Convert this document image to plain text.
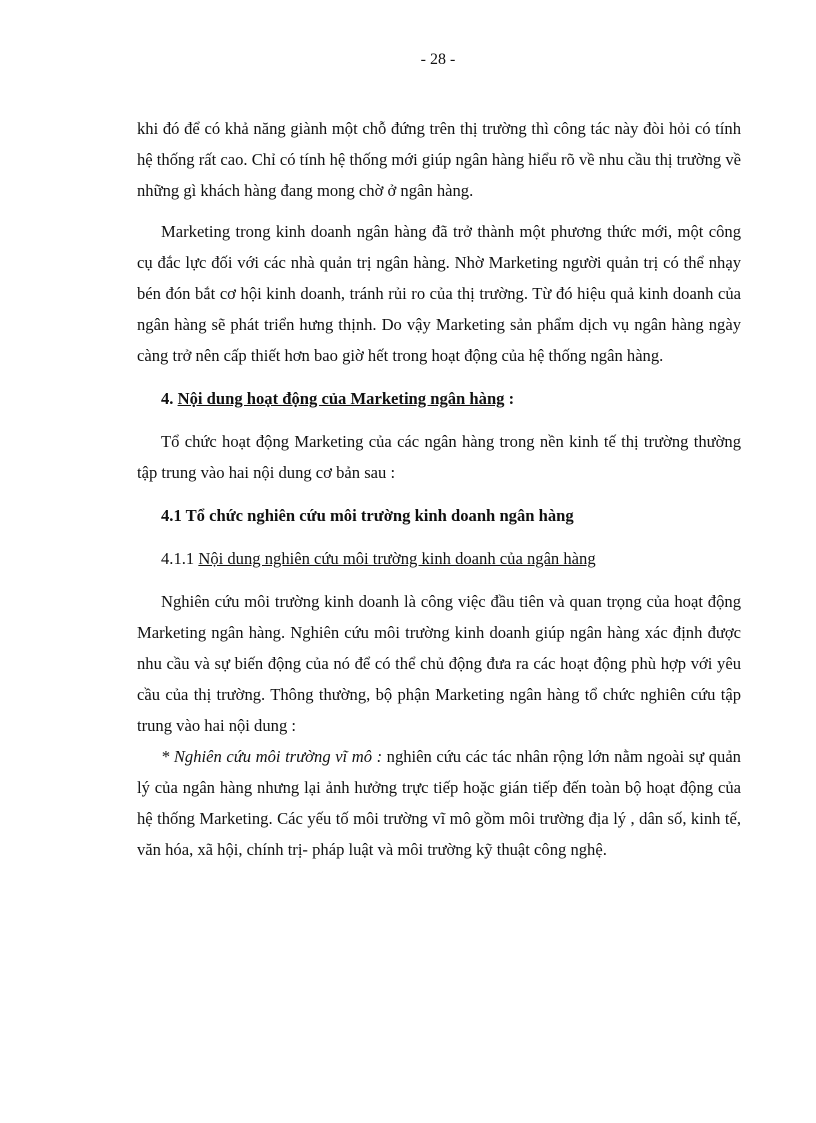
- 28 -

khi đó để có khả năng giành một chỗ đứng trên thị trường thì công tác này đòi hỏi có tính hệ thống rất cao. Chỉ có tính hệ thống mới giúp ngân hàng hiểu rõ về nhu cầu thị trường về những gì khách hàng đang mong chờ ở ngân hàng.

Marketing trong kinh doanh ngân hàng đã trở thành một phương thức mới, một công cụ đắc lực đối với các nhà quản trị ngân hàng. Nhờ Marketing người quản trị có thể nhạy bén đón bắt cơ hội kinh doanh, tránh rủi ro của thị trường. Từ đó hiệu quả kinh doanh của ngân hàng sẽ phát triển hưng thịnh. Do vậy Marketing sản phẩm dịch vụ ngân hàng ngày càng trở nên cấp thiết hơn bao giờ hết trong hoạt động của hệ thống ngân hàng.

4. Nội dung hoạt động của Marketing ngân hàng :

Tổ chức hoạt động Marketing của các ngân hàng trong nền kinh tế thị trường thường tập trung vào hai nội dung cơ bản sau :

4.1 Tổ chức nghiên cứu môi trường kinh doanh ngân hàng

4.1.1 Nội dung nghiên cứu môi trường kinh doanh của ngân hàng

Nghiên cứu môi trường kinh doanh là công việc đầu tiên và quan trọng của hoạt động Marketing ngân hàng. Nghiên cứu môi trường kinh doanh giúp ngân hàng xác định được nhu cầu và sự biến động của nó để có thể chủ động đưa ra các hoạt động phù hợp với yêu cầu của thị trường. Thông thường, bộ phận Marketing ngân hàng tổ chức nghiên cứu tập trung vào hai nội dung :

* Nghiên cứu môi trường vĩ mô : nghiên cứu các tác nhân rộng lớn nằm ngoài sự quản lý của ngân hàng nhưng lại ảnh hưởng trực tiếp hoặc gián tiếp đến toàn bộ hoạt động của hệ thống Marketing. Các yếu tố môi trường vĩ mô gồm môi trường địa lý , dân số, kinh tế, văn hóa, xã hội, chính trị- pháp luật và môi trường kỹ thuật công nghệ.
